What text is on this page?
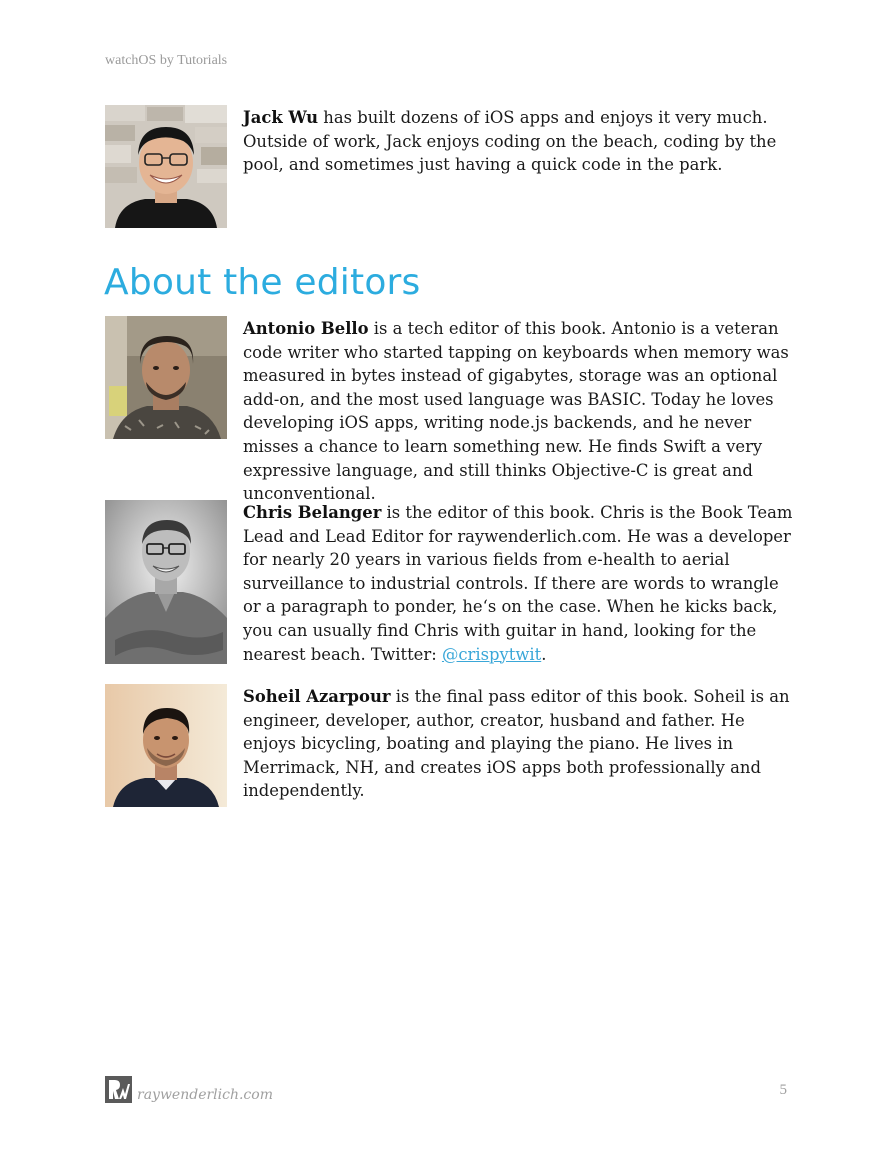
watchOS by Tutorials
Jack Wu has built dozens of iOS apps and enjoys it very much. Outside of work, Jack enjoys coding on the beach, coding by the pool, and sometimes just having a quick code in the park.
About the editors
Antonio Bello is a tech editor of this book. Antonio is a veteran code writer who started tapping on keyboards when memory was measured in bytes instead of gigabytes, storage was an optional add-on, and the most used language was BASIC. Today he loves developing iOS apps, writing node.js backends, and he never misses a chance to learn something new. He finds Swift a very expressive language, and still thinks Objective-C is great and unconventional.
Chris Belanger is the editor of this book. Chris is the Book Team Lead and Lead Editor for raywenderlich.com. He was a developer for nearly 20 years in various fields from e-health to aerial surveillance to industrial controls. If there are words to wrangle or a paragraph to ponder, he‘s on the case. When he kicks back, you can usually find Chris with guitar in hand, looking for the nearest beach. Twitter: @crispytwit.
Soheil Azarpour is the final pass editor of this book. Soheil is an engineer, developer, author, creator, husband and father. He enjoys bicycling, boating and playing the piano. He lives in Merrimack, NH, and creates iOS apps both professionally and independently.
raywenderlich.com	5
